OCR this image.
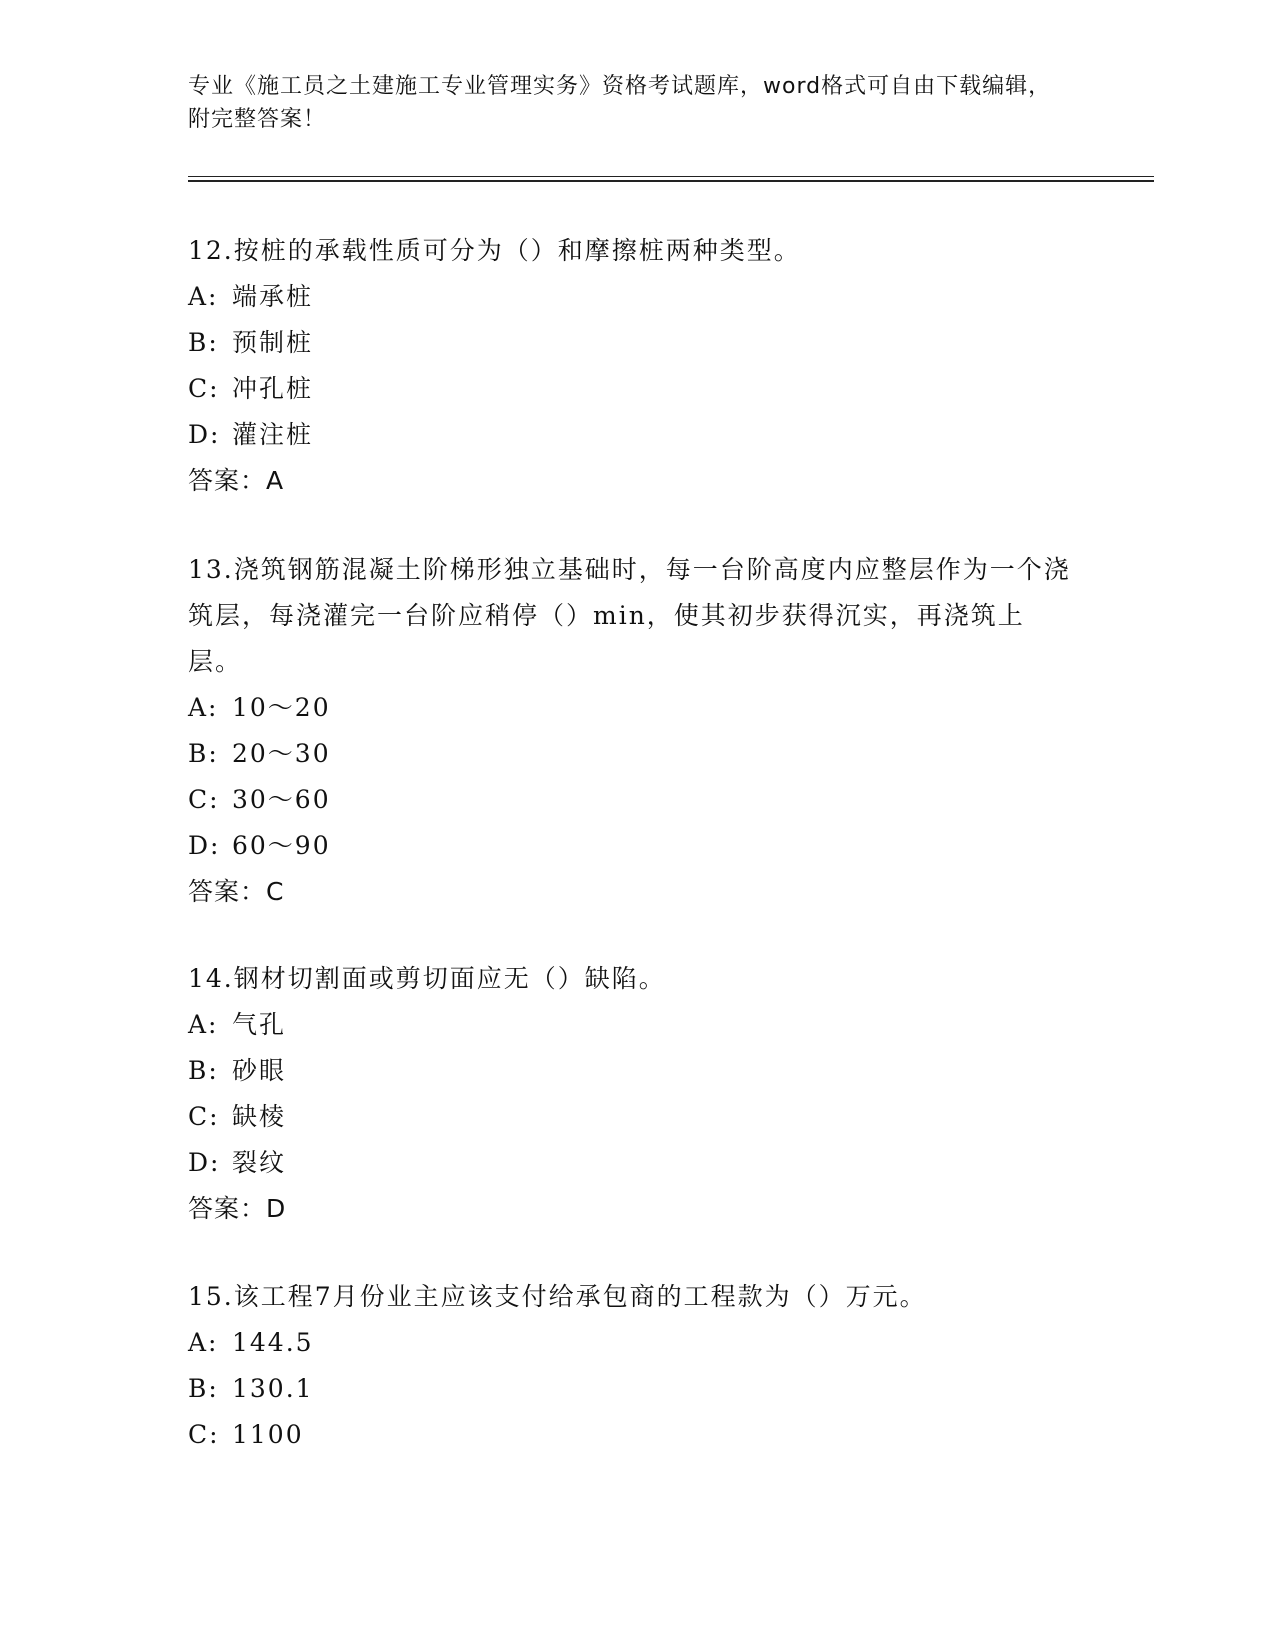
专业《施工员之土建施工专业管理实务》资格考试题库，word格式可自由下载编辑，附完整答案！

12.按桩的承载性质可分为（）和摩擦桩两种类型。

A: 端承桩
B: 预制桩
C: 冲孔桩
D: 灌注桩
答案：A

13.浇筑钢筋混凝土阶梯形独立基础时，每一台阶高度内应整层作为一个浇筑层，每浇灌完一台阶应稍停（）min，使其初步获得沉实，再浇筑上层。

A: 10～20
B: 20～30
C: 30～60
D: 60～90
答案：C

14.钢材切割面或剪切面应无（）缺陷。

A: 气孔
B: 砂眼
C: 缺棱
D: 裂纹
答案：D

15.该工程7月份业主应该支付给承包商的工程款为（）万元。

A: 144.5
B: 130.1
C: 1100
